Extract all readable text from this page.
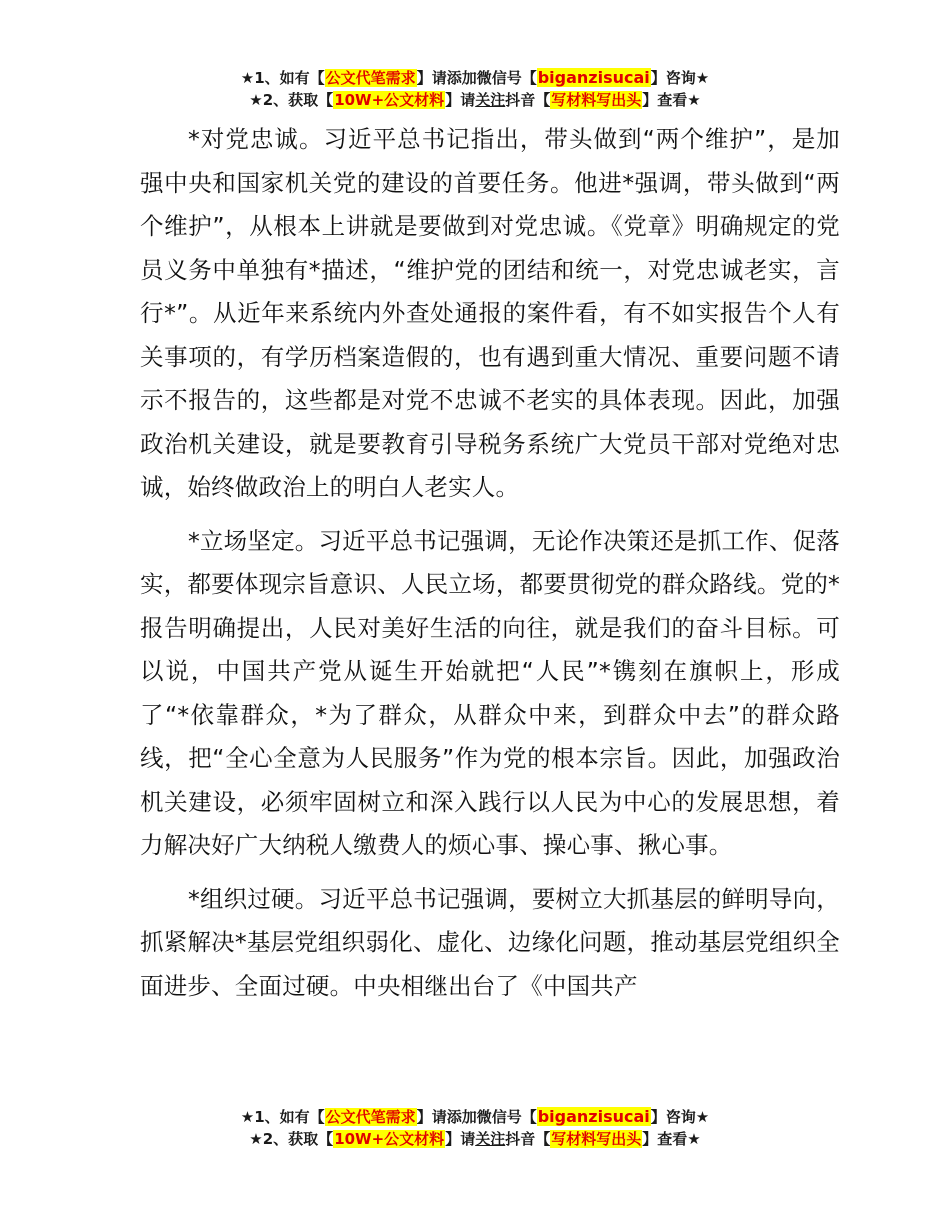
★1、如有【公文代笔需求】请添加微信号【biganzisucai】咨询★
★2、获取【10W+公文材料】请关注抖音【写材料写出头】查看★

*对党忠诚。习近平总书记指出，带头做到“两个维护”，是加强中央和国家机关党的建设的首要任务。他进*强调，带头做到“两个维护”，从根本上讲就是要做到对党忠诚。《党章》明确规定的党员义务中单独有*描述，“维护党的团结和统一，对党忠诚老实，言行*”。从近年来系统内外查处通报的案件看，有不如实报告个人有关事项的，有学历档案造假的，也有遇到重大情况、重要问题不请示不报告的，这些都是对党不忠诚不老实的具体表现。因此，加强政治机关建设，就是要教育引导税务系统广大党员干部对党绝对忠诚，始终做政治上的明白人老实人。

*立场坚定。习近平总书记强调，无论作决策还是抓工作、促落实，都要体现宗旨意识、人民立场，都要贯彻党的群众路线。党的*报告明确提出，人民对美好生活的向往，就是我们的奋斗目标。可以说，中国共产党从诞生开始就把“人民”*镌刻在旗帜上，形成了“*依靠群众，*为了群众，从群众中来，到群众中去”的群众路线，把“全心全意为人民服务”作为党的根本宗旨。因此，加强政治机关建设，必须牢固树立和深入践行以人民为中心的发展思想，着力解决好广大纳税人缴费人的烦心事、操心事、揪心事。

*组织过硬。习近平总书记强调，要树立大抓基层的鲜明导向，抓紧解决*基层党组织弱化、虚化、边缘化问题，推动基层党组织全面进步、全面过硬。中央相继出台了《中国共产

★1、如有【公文代笔需求】请添加微信号【biganzisucai】咨询★
★2、获取【10W+公文材料】请关注抖音【写材料写出头】查看★
